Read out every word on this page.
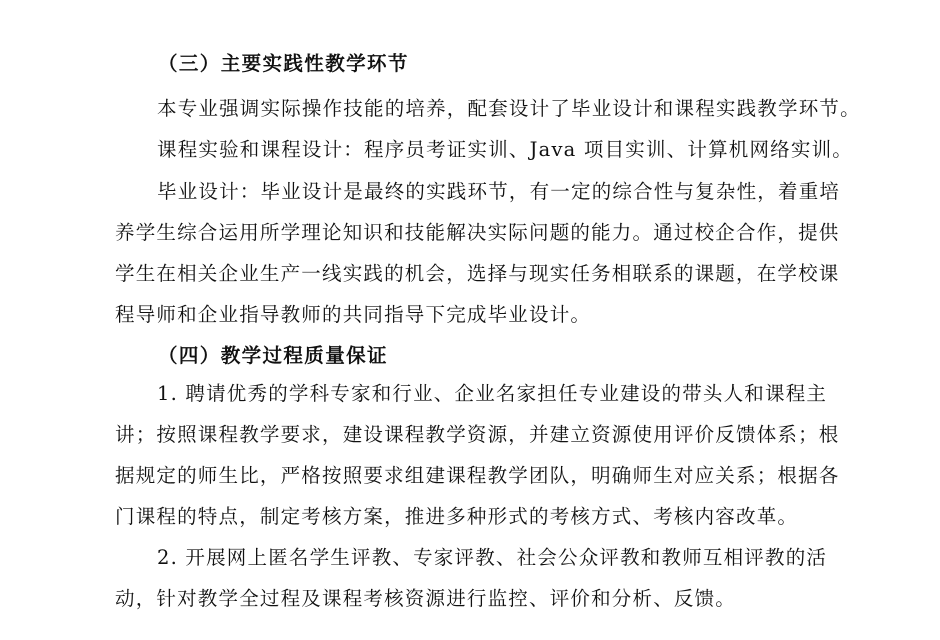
（三）主要实践性教学环节
本专业强调实际操作技能的培养，配套设计了毕业设计和课程实践教学环节。
课程实验和课程设计：程序员考证实训、Java 项目实训、计算机网络实训。
毕业设计：毕业设计是最终的实践环节，有一定的综合性与复杂性，着重培
养学生综合运用所学理论知识和技能解决实际问题的能力。通过校企合作，提供
学生在相关企业生产一线实践的机会，选择与现实任务相联系的课题，在学校课
程导师和企业指导教师的共同指导下完成毕业设计。
（四）教学过程质量保证
1. 聘请优秀的学科专家和行业、企业名家担任专业建设的带头人和课程主
讲；按照课程教学要求，建设课程教学资源，并建立资源使用评价反馈体系；根
据规定的师生比，严格按照要求组建课程教学团队，明确师生对应关系；根据各
门课程的特点，制定考核方案，推进多种形式的考核方式、考核内容改革。
2. 开展网上匿名学生评教、专家评教、社会公众评教和教师互相评教的活
动，针对教学全过程及课程考核资源进行监控、评价和分析、反馈。
